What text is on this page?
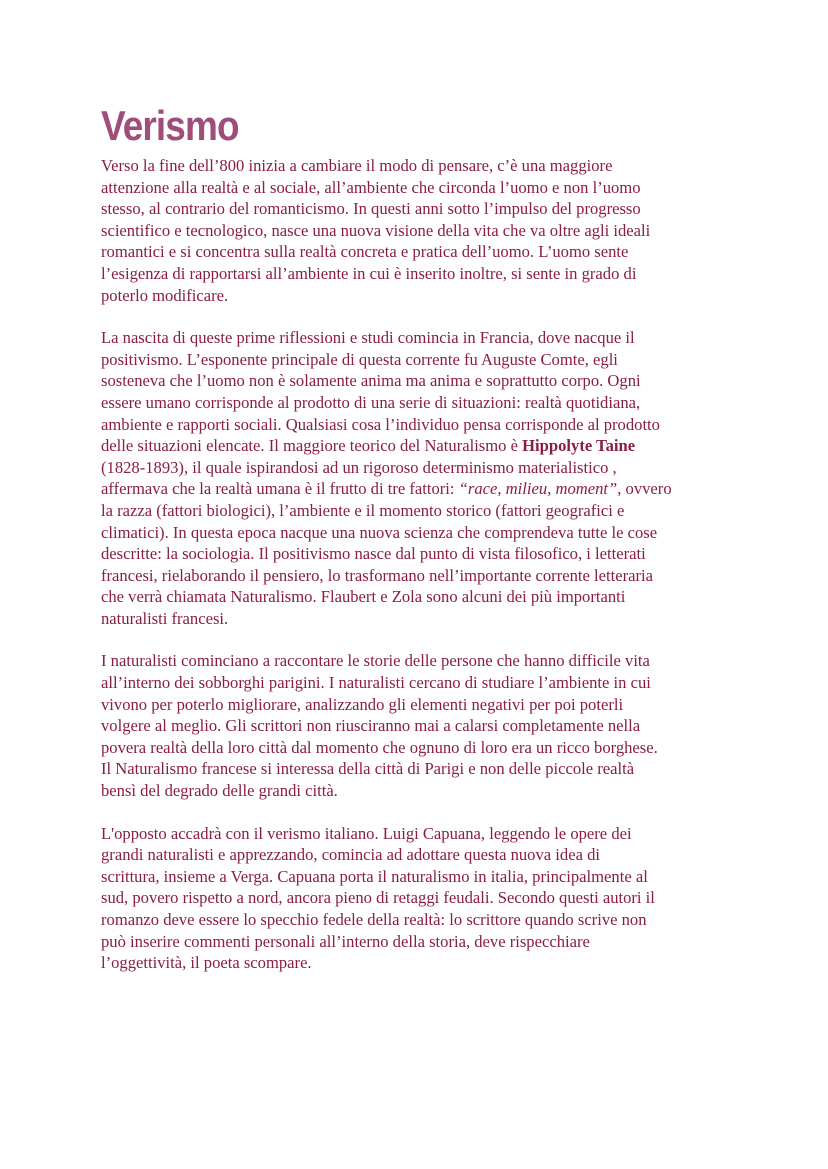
Verismo
Verso la fine dell’800 inizia a cambiare il modo di pensare, c’è una maggiore
attenzione alla realtà e al sociale, all’ambiente che circonda l’uomo e non l’uomo
stesso, al contrario del romanticismo. In questi anni sotto l’impulso del progresso
scientifico e tecnologico, nasce una nuova visione della vita che va oltre agli ideali
romantici e si concentra sulla realtà concreta e pratica dell’uomo. L’uomo sente
l’esigenza di rapportarsi all’ambiente in cui è inserito inoltre, si sente in grado di
poterlo modificare.
La nascita di queste prime riflessioni e studi comincia in Francia, dove nacque il
positivismo. L’esponente principale di questa corrente fu Auguste Comte, egli
sosteneva che l’uomo non è solamente anima ma anima e soprattutto corpo. Ogni
essere umano corrisponde al prodotto di una serie di situazioni: realtà quotidiana,
ambiente e rapporti sociali. Qualsiasi cosa l’individuo pensa corrisponde al prodotto
delle situazioni elencate. Il maggiore teorico del Naturalismo è Hippolyte Taine
(1828-1893), il quale ispirandosi ad un rigoroso determinismo materialistico ,
affermava che la realtà umana è il frutto di tre fattori: “race, milieu, moment”, ovvero
la razza (fattori biologici), l’ambiente e il momento storico (fattori geografici e
climatici). In questa epoca nacque una nuova scienza che comprendeva tutte le cose
descritte: la sociologia. Il positivismo nasce dal punto di vista filosofico, i letterati
francesi, rielaborando il pensiero, lo trasformano nell’importante corrente letteraria
che verrà chiamata Naturalismo. Flaubert e Zola sono alcuni dei più importanti
naturalisti francesi.
I naturalisti cominciano a raccontare le storie delle persone che hanno difficile vita
all’interno dei sobborghi parigini. I naturalisti cercano di studiare l’ambiente in cui
vivono per poterlo migliorare, analizzando gli elementi negativi per poi poterli
volgere al meglio. Gli scrittori non riusciranno mai a calarsi completamente nella
povera realtà della loro città dal momento che ognuno di loro era un ricco borghese.
Il Naturalismo francese si interessa della città di Parigi e non delle piccole realtà
bensì del degrado delle grandi città.
L'opposto accadrà con il verismo italiano. Luigi Capuana, leggendo le opere dei
grandi naturalisti e apprezzando, comincia ad adottare questa nuova idea di
scrittura, insieme a Verga. Capuana porta il naturalismo in italia, principalmente al
sud, povero rispetto a nord, ancora pieno di retaggi feudali. Secondo questi autori il
romanzo deve essere lo specchio fedele della realtà: lo scrittore quando scrive non
può inserire commenti personali all’interno della storia, deve rispecchiare
l’oggettività, il poeta scompare.
